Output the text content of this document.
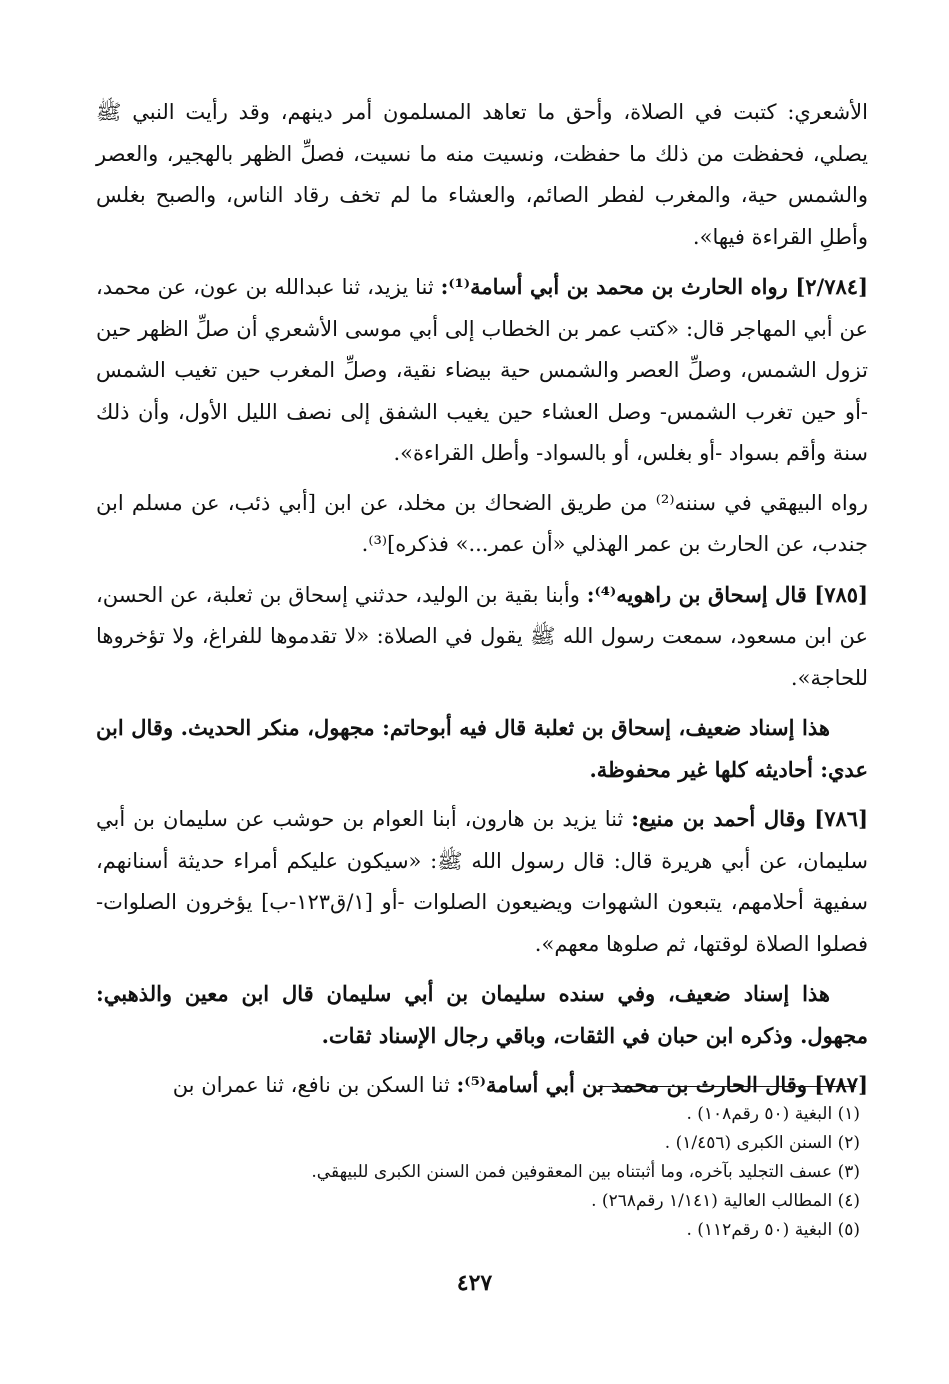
الأشعري: كتبت في الصلاة، وأحق ما تعاهد المسلمون أمر دينهم، وقد رأيت النبي ﷺ يصلي، فحفظت من ذلك ما حفظت، ونسيت منه ما نسيت، فصلِّ الظهر بالهجير، والعصر والشمس حية، والمغرب لفطر الصائم، والعشاء ما لم تخف رقاد الناس، والصبح بغلس وأطلِ القراءة فيها».

[٢/٧٨٤] رواه الحارث بن محمد بن أبي أسامة⁽¹⁾: ثنا يزيد، ثنا عبدالله بن عون، عن محمد، عن أبي المهاجر قال: «كتب عمر بن الخطاب إلى أبي موسى الأشعري أن صلِّ الظهر حين تزول الشمس، وصلِّ العصر والشمس حية بيضاء نقية، وصلِّ المغرب حين تغيب الشمس -أو حين تغرب الشمس- وصل العشاء حين يغيب الشفق إلى نصف الليل الأول، وأن ذلك سنة وأقم بسواد -أو بغلس، أو بالسواد- وأطل القراءة».

رواه البيهقي في سننه⁽²⁾ من طريق الضحاك بن مخلد، عن ابن [أبي ذئب، عن مسلم ابن جندب، عن الحارث بن عمر الهذلي «أن عمر...» فذكره]⁽³⁾.

[٧٨٥] قال إسحاق بن راهويه⁽⁴⁾: وأبنا بقية بن الوليد، حدثني إسحاق بن ثعلبة، عن الحسن، عن ابن مسعود، سمعت رسول الله ﷺ يقول في الصلاة: «لا تقدموها للفراغ، ولا تؤخروها للحاجة».

هذا إسناد ضعيف، إسحاق بن ثعلبة قال فيه أبوحاتم: مجهول، منكر الحديث. وقال ابن عدي: أحاديثه كلها غير محفوظة.

[٧٨٦] وقال أحمد بن منيع: ثنا يزيد بن هارون، أبنا العوام بن حوشب عن سليمان بن أبي سليمان، عن أبي هريرة قال: قال رسول الله ﷺ: «سيكون عليكم أمراء حديثة أسنانهم، سفيهة أحلامهم، يتبعون الشهوات ويضيعون الصلوات -أو [١/ق١٢٣-ب] يؤخرون الصلوات- فصلوا الصلاة لوقتها، ثم صلوها معهم».

هذا إسناد ضعيف، وفي سنده سليمان بن أبي سليمان قال ابن معين والذهبي: مجهول. وذكره ابن حبان في الثقات، وباقي رجال الإسناد ثقات.

[٧٨٧] وقال الحارث بن محمد بن أبي أسامة⁽⁵⁾: ثنا السكن بن نافع، ثنا عمران بن

(١) البغية (٥٠ رقم١٠٨) .

(٢) السنن الكبرى (١/٤٥٦) .

(٣) عسف التجليد بآخره، وما أثبتناه بين المعقوفين فمن السنن الكبرى للبيهقي.

(٤) المطالب العالية (١/١٤١ رقم٢٦٨) .

(٥) البغية (٥٠ رقم١١٢) .

٤٢٧
